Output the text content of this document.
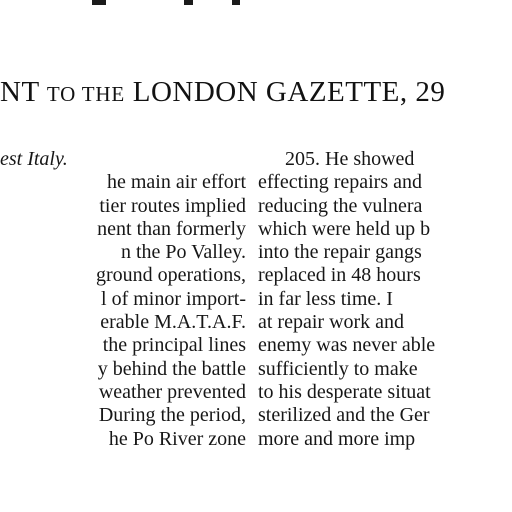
NT TO THE LONDON GAZETTE, 29
est Italy.
he main air effort
tier routes implied
nent than formerly
n the Po Valley.
ground operations,
l of minor import-
erable M.A.T.A.F.
the principal lines
y behind the battle
weather prevented
During the period,
he Po River zone
205. He showed
effecting repairs and
reducing the vulnera
which were held up b
into the repair gangs
replaced in 48 hours
in far less time. I
at repair work and
enemy was never able
sufficiently to make
to his desperate situat
sterilized and the Ger
more and more imp
